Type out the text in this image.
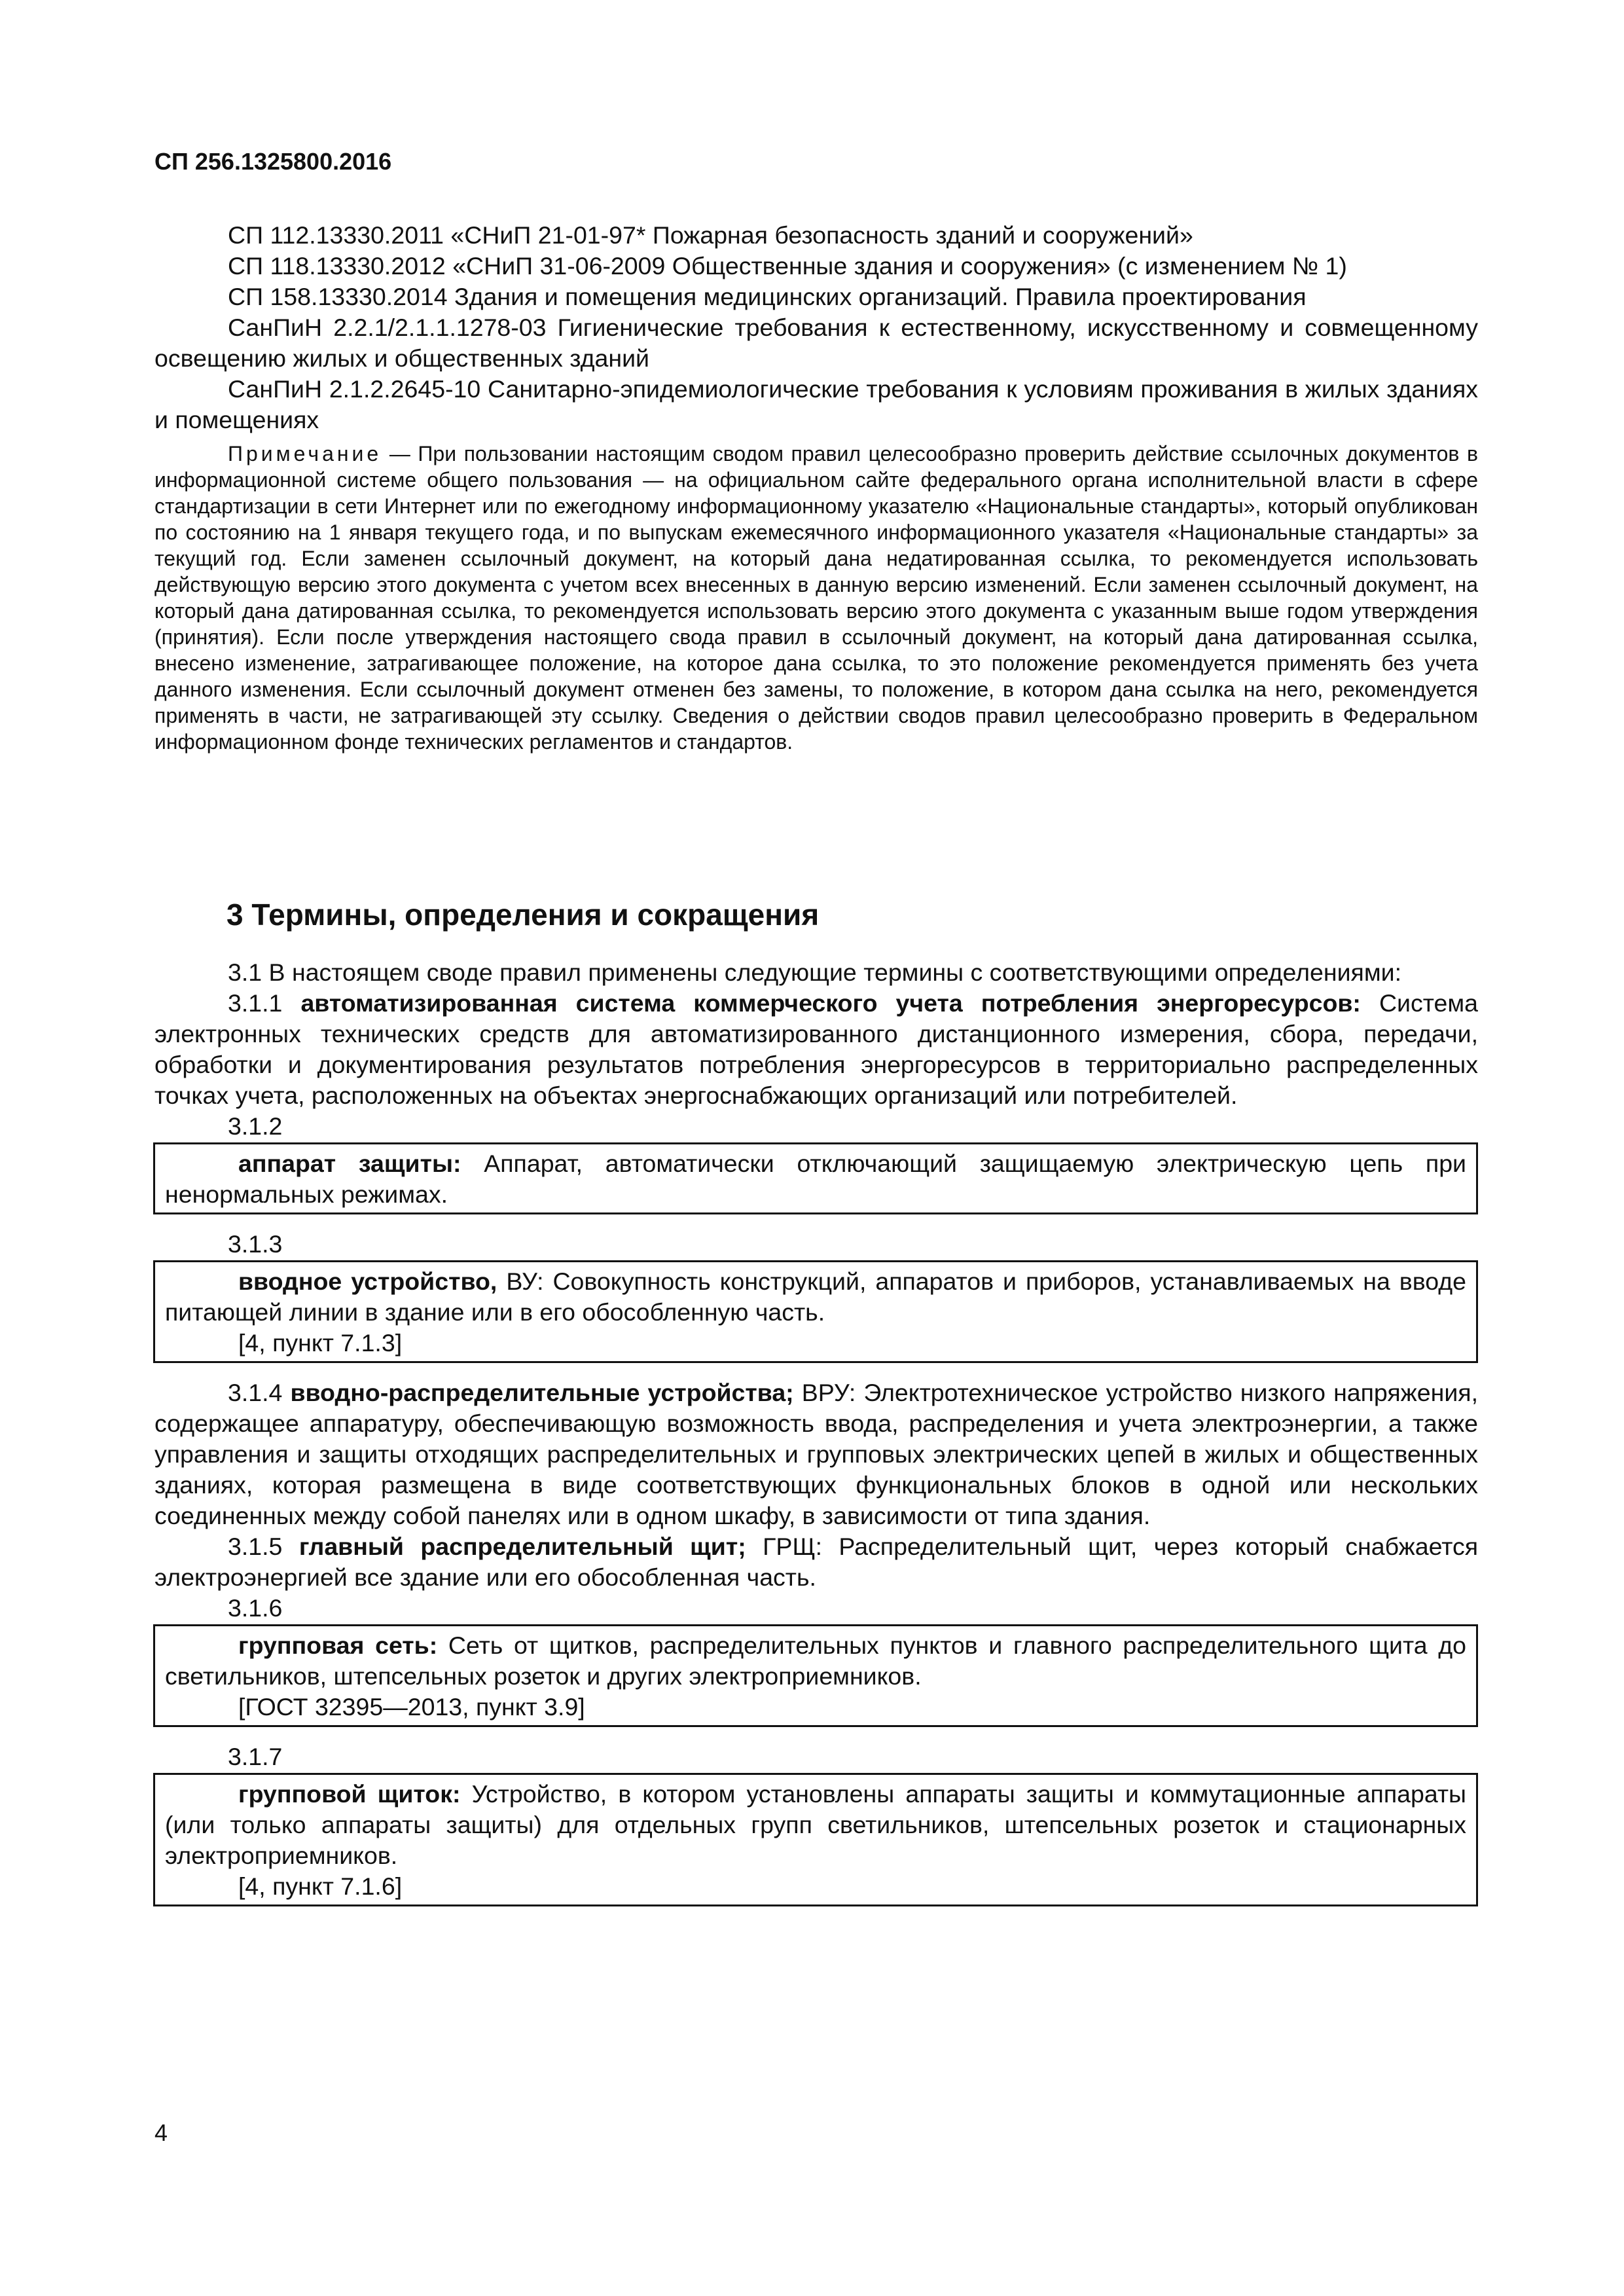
СП 256.1325800.2016

СП 112.13330.2011 «СНиП 21-01-97* Пожарная безопасность зданий и сооружений»

СП 118.13330.2012 «СНиП 31-06-2009 Общественные здания и сооружения» (с изменением № 1)

СП 158.13330.2014 Здания и помещения медицинских организаций. Правила проектирования

СанПиН 2.2.1/2.1.1.1278-03 Гигиенические требования к естественному, искусственному и совмещенному освещению жилых и общественных зданий

СанПиН 2.1.2.2645-10 Санитарно-эпидемиологические требования к условиям проживания в жилых зданиях и помещениях

Примечание — При пользовании настоящим сводом правил целесообразно проверить действие ссылочных документов в информационной системе общего пользования — на официальном сайте федерального органа исполнительной власти в сфере стандартизации в сети Интернет или по ежегодному информационному указателю «Национальные стандарты», который опубликован по состоянию на 1 января текущего года, и по выпускам ежемесячного информационного указателя «Национальные стандарты» за текущий год. Если заменен ссылочный документ, на который дана недатированная ссылка, то рекомендуется использовать действующую версию этого документа с учетом всех внесенных в данную версию изменений. Если заменен ссылочный документ, на который дана датированная ссылка, то рекомендуется использовать версию этого документа с указанным выше годом утверждения (принятия). Если после утверждения настоящего свода правил в ссылочный документ, на который дана датированная ссылка, внесено изменение, затрагивающее положение, на которое дана ссылка, то это положение рекомендуется применять без учета данного изменения. Если ссылочный документ отменен без замены, то положение, в котором дана ссылка на него, рекомендуется применять в части, не затрагивающей эту ссылку. Сведения о действии сводов правил целесообразно проверить в Федеральном информационном фонде технических регламентов и стандартов.

3 Термины, определения и сокращения

3.1 В настоящем своде правил применены следующие термины с соответствующими определениями:

3.1.1 автоматизированная система коммерческого учета потребления энергоресурсов: Система электронных технических средств для автоматизированного дистанционного измерения, сбора, передачи, обработки и документирования результатов потребления энергоресурсов в территориально распределенных точках учета, расположенных на объектах энергоснабжающих организаций или потребителей.

3.1.2

аппарат защиты: Аппарат, автоматически отключающий защищаемую электрическую цепь при ненормальных режимах.

3.1.3

вводное устройство, ВУ: Совокупность конструкций, аппаратов и приборов, устанавливаемых на вводе питающей линии в здание или в его обособленную часть.

[4, пункт 7.1.3]

3.1.4 вводно-распределительные устройства; ВРУ: Электротехническое устройство низкого напряжения, содержащее аппаратуру, обеспечивающую возможность ввода, распределения и учета электроэнергии, а также управления и защиты отходящих распределительных и групповых электрических цепей в жилых и общественных зданиях, которая размещена в виде соответствующих функциональных блоков в одной или нескольких соединенных между собой панелях или в одном шкафу, в зависимости от типа здания.

3.1.5 главный распределительный щит; ГРЩ: Распределительный щит, через который снабжается электроэнергией все здание или его обособленная часть.

3.1.6

групповая сеть: Сеть от щитков, распределительных пунктов и главного распределительного щита до светильников, штепсельных розеток и других электроприемников.

[ГОСТ 32395—2013, пункт 3.9]

3.1.7

групповой щиток: Устройство, в котором установлены аппараты защиты и коммутационные аппараты (или только аппараты защиты) для отдельных групп светильников, штепсельных розеток и стационарных электроприемников.

[4, пункт 7.1.6]

4
